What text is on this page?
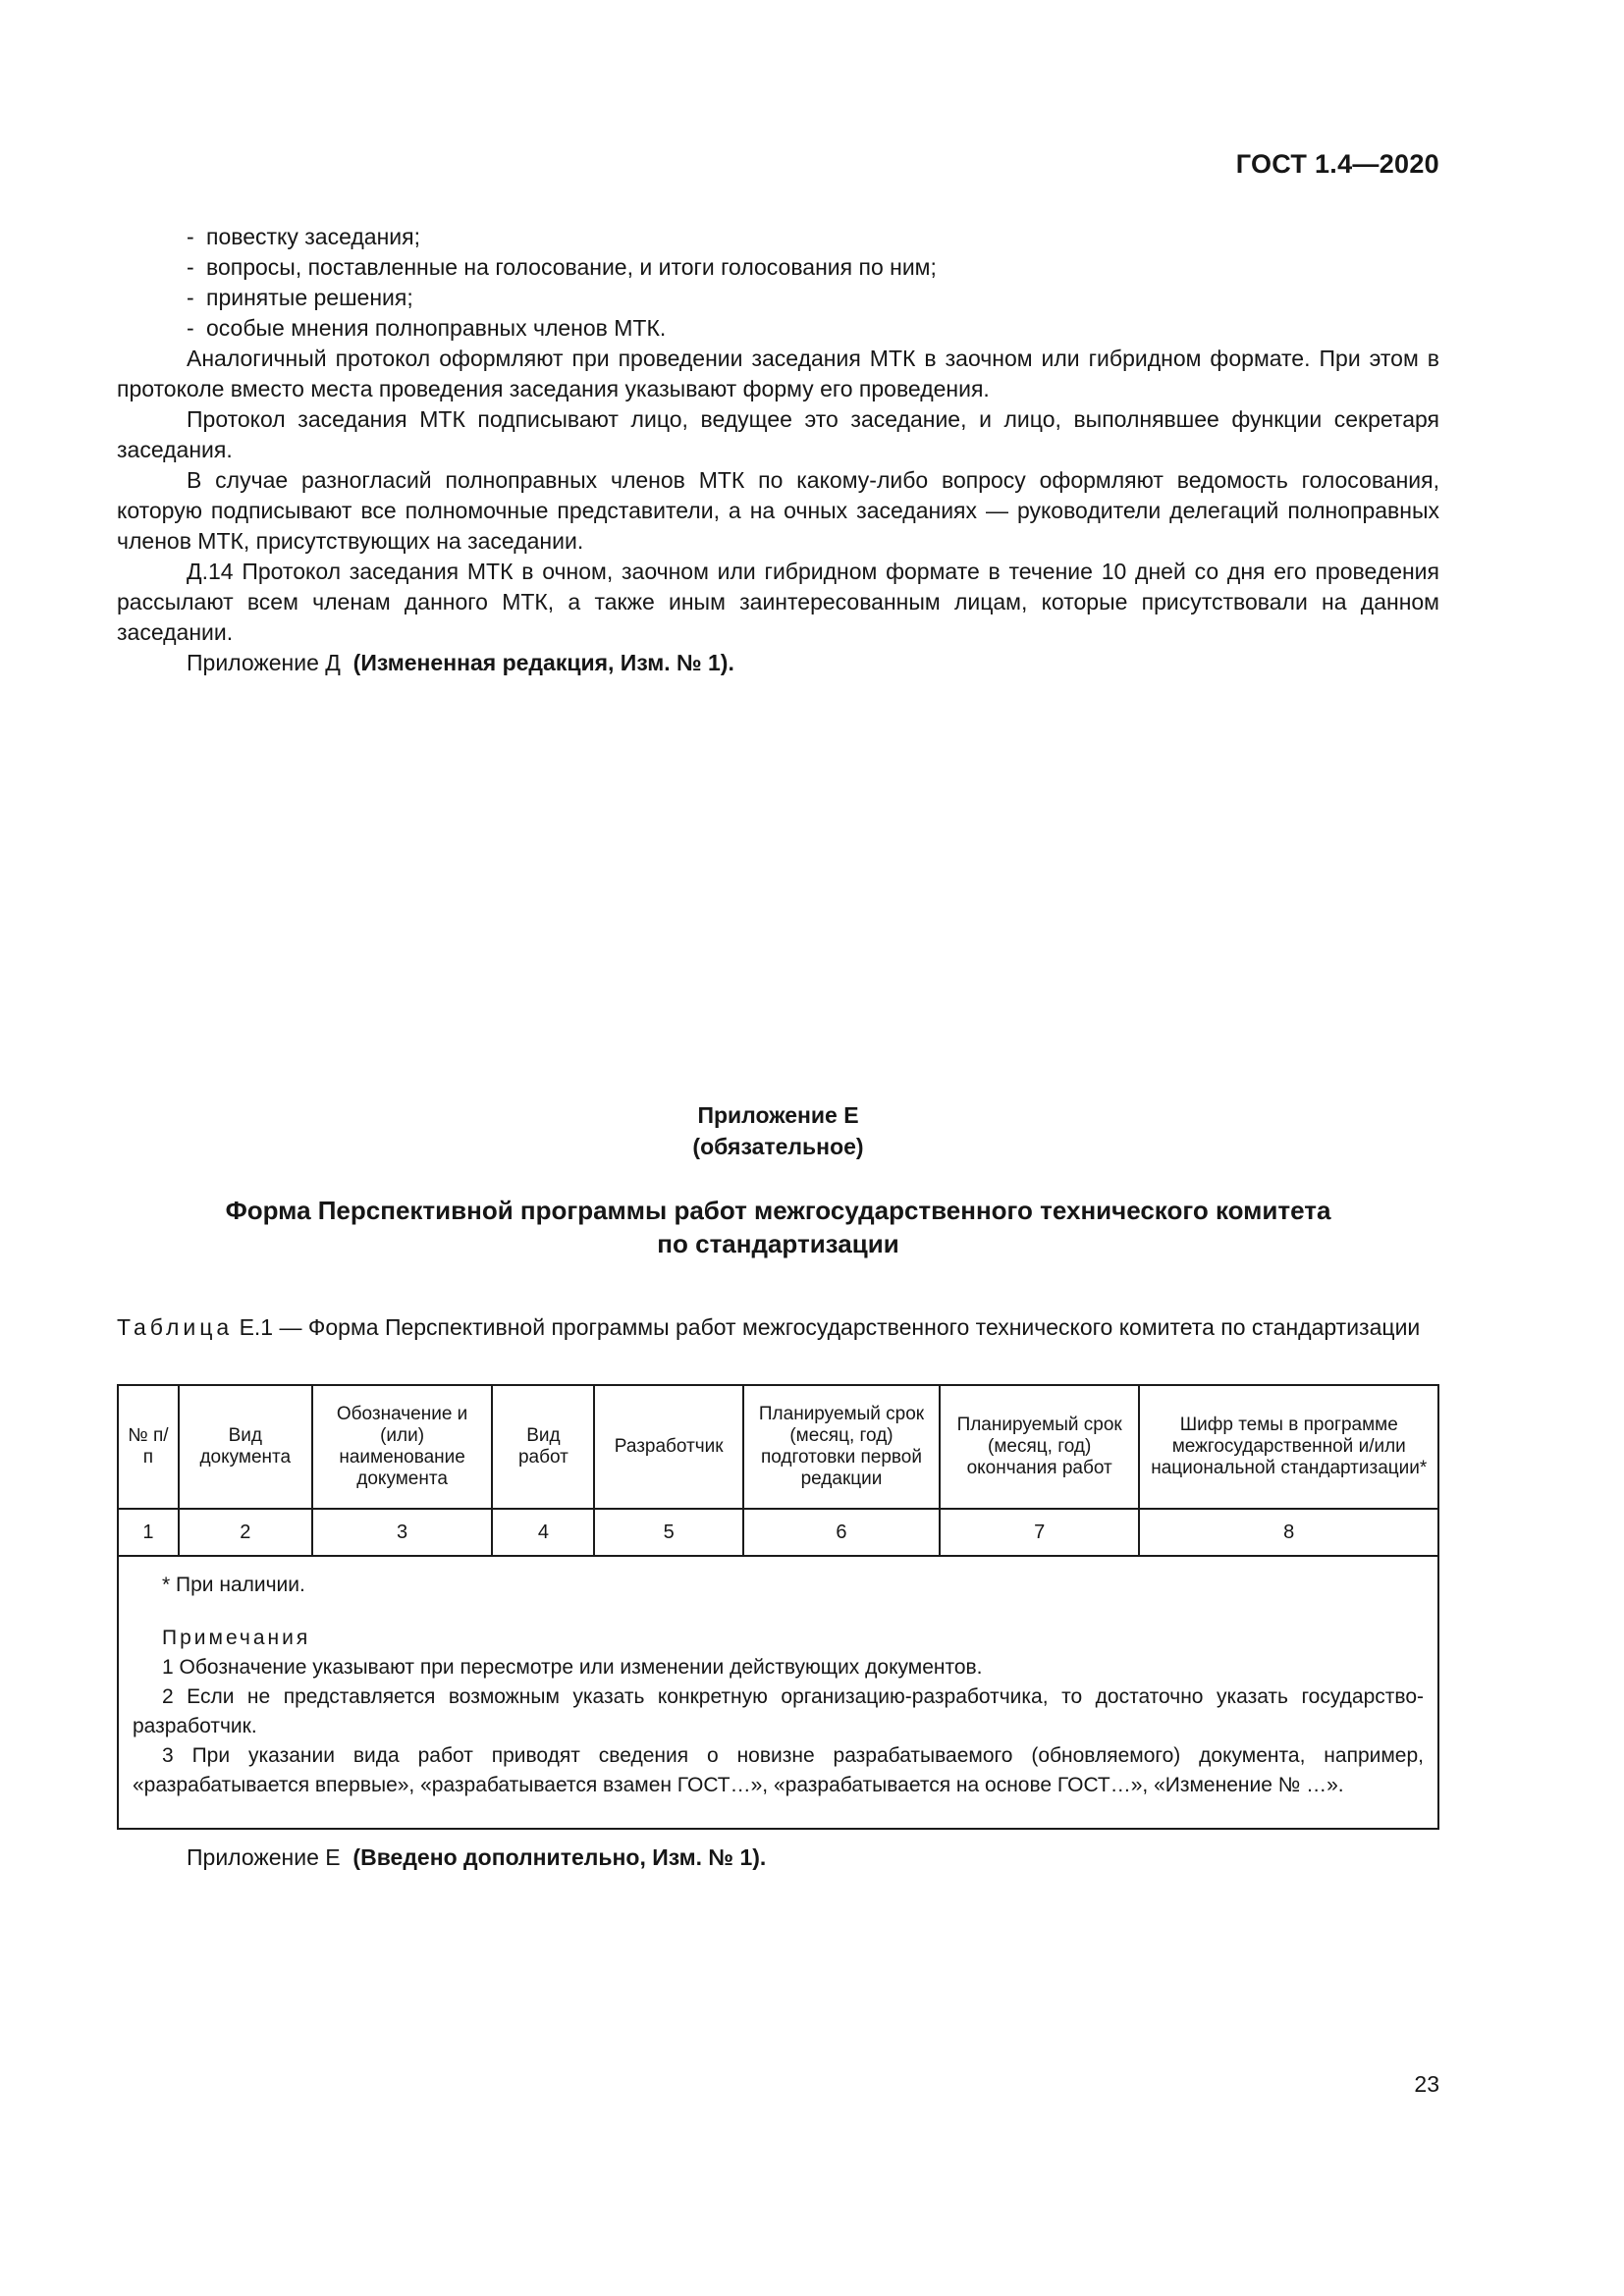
ГОСТ 1.4—2020

- повестку заседания;

- вопросы, поставленные на голосование, и итоги голосования по ним;

- принятые решения;

- особые мнения полноправных членов МТК.

Аналогичный протокол оформляют при проведении заседания МТК в заочном или гибридном формате. При этом в протоколе вместо места проведения заседания указывают форму его проведения.

Протокол заседания МТК подписывают лицо, ведущее это заседание, и лицо, выполнявшее функции секретаря заседания.

В случае разногласий полноправных членов МТК по какому-либо вопросу оформляют ведомость голосования, которую подписывают все полномочные представители, а на очных заседаниях — руководители делегаций полноправных членов МТК, присутствующих на заседании.

Д.14 Протокол заседания МТК в очном, заочном или гибридном формате в течение 10 дней со дня его проведения рассылают всем членам данного МТК, а также иным заинтересованным лицам, которые присутствовали на данном заседании.

Приложение Д (Измененная редакция, Изм. № 1).

Приложение Е
(обязательное)
Форма Перспективной программы работ межгосударственного технического комитета
по стандартизации
Таблица Е.1 — Форма Перспективной программы работ межгосударственного технического комитета по стандартизации
№ п/п	Вид документа	Обозначение и (или) наименование документа	Вид работ	Разработчик	Планируемый срок (месяц, год) подготовки первой редакции	Планируемый срок (месяц, год) окончания работ	Шифр темы в программе межгосударственной и/или национальной стандартизации*
1	2	3	4	5	6	7	8

* При наличии.

Примечания

1 Обозначение указывают при пересмотре или изменении действующих документов.

2 Если не представляется возможным указать конкретную организацию-разработчика, то достаточно указать государство-разработчик.

3 При указании вида работ приводят сведения о новизне разрабатываемого (обновляемого) документа, например, «разрабатывается впервые», «разрабатывается взамен ГОСТ…», «разрабатывается на основе ГОСТ…», «Изменение № …».							

Приложение Е (Введено дополнительно, Изм. № 1).
23
